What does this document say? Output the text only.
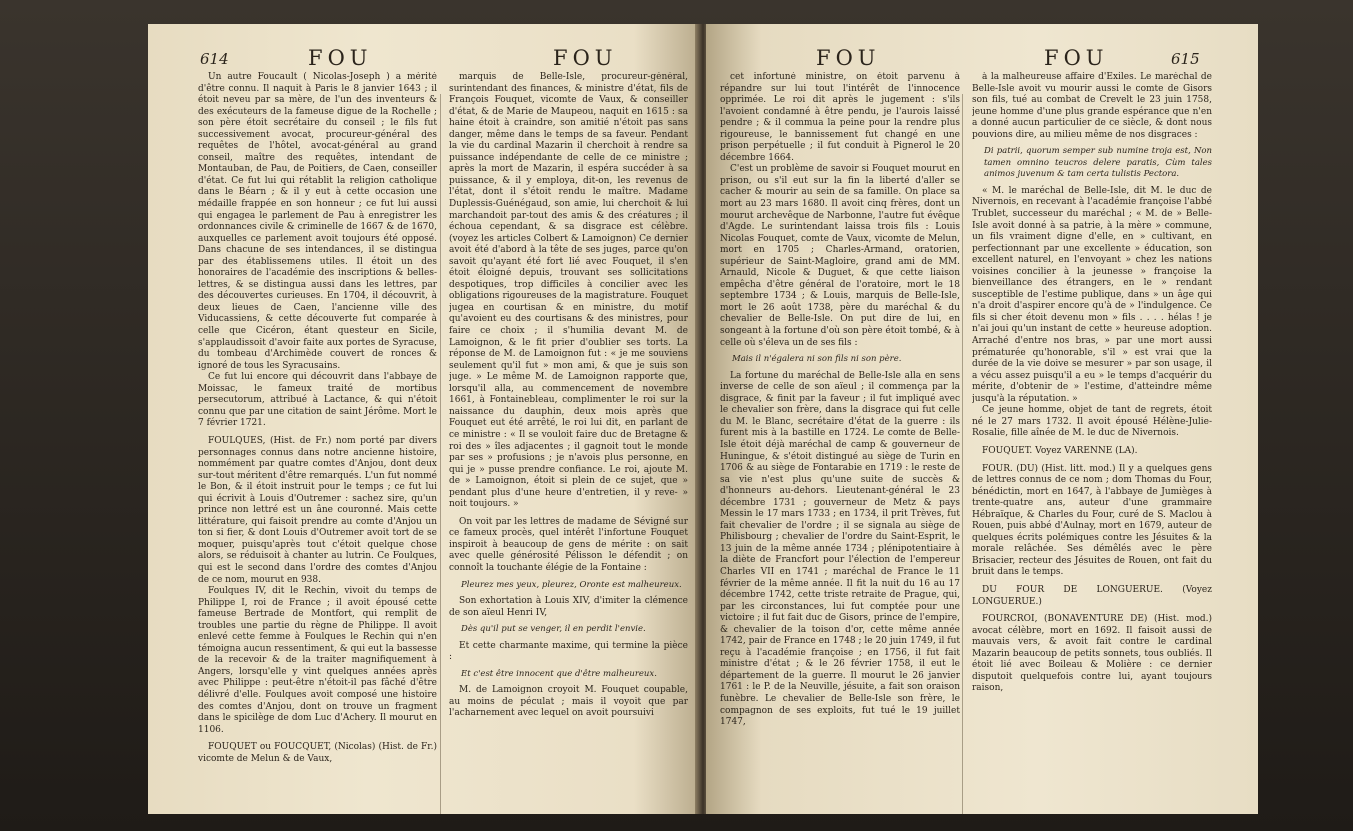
614	FOU	FOU

Un autre Foucault ( Nicolas-Joseph ) a mérité d'être connu. Il naquit à Paris le 8 janvier 1643 ; il étoit neveu par sa mère, de l'un des inventeurs & des exécuteurs de la fameuse digue de la Rochelle ; son père étoit secrétaire du conseil ; le fils fut successivement avocat, procureur-général des requêtes de l'hôtel, avocat-général au grand conseil, maître des requêtes, intendant de Montauban, de Pau, de Poitiers, de Caen, conseiller d'état. Ce fut lui qui rétablit la religion catholique dans le Béarn ; & il y eut à cette occasion une médaille frappée en son honneur ; ce fut lui aussi qui engagea le parlement de Pau à enregistrer les ordonnances civile & criminelle de 1667 & de 1670, auxquelles ce parlement avoit toujours été opposé. Dans chacune de ses intendances, il se distingua par des établissemens utiles. Il étoit un des honoraires de l'académie des inscriptions & belles-lettres, & se distingua aussi dans les lettres, par des découvertes curieuses. En 1704, il découvrit, à deux lieues de Caen, l'ancienne ville des Viducassiens, & cette découverte fut comparée à celle que Cicéron, étant questeur en Sicile, s'applaudissoit d'avoir faite aux portes de Syracuse, du tombeau d'Archimède couvert de ronces & ignoré de tous les Syracusains.

Ce fut lui encore qui découvrit dans l'abbaye de Moissac, le fameux traité de mortibus persecutorum, attribué à Lactance, & qui n'étoit connu que par une citation de saint Jérôme. Mort le 7 février 1721.

FOULQUES, (Hist. de Fr.) nom porté par divers personnages connus dans notre ancienne histoire, nommément par quatre comtes d'Anjou, dont deux sur-tout méritent d'être remarqués. L'un fut nommé le Bon, & il étoit instruit pour le temps ; ce fut lui qui écrivit à Louis d'Outremer : sachez sire, qu'un prince non lettré est un âne couronné. Mais cette littérature, qui faisoit prendre au comte d'Anjou un ton si fier, & dont Louis d'Outremer avoit tort de se moquer, puisqu'après tout c'étoit quelque chose alors, se réduisoit à chanter au lutrin. Ce Foulques, qui est le second dans l'ordre des comtes d'Anjou de ce nom, mourut en 938.

Foulques IV, dit le Rechin, vivoit du temps de Philippe I, roi de France ; il avoit épousé cette fameuse Bertrade de Montfort, qui remplit de troubles une partie du règne de Philippe. Il avoit enlevé cette femme à Foulques le Rechin qui n'en témoigna aucun ressentiment, & qui eut la bassesse de la recevoir & de la traiter magnifiquement à Angers, lorsqu'elle y vint quelques années après avec Philippe : peut-être n'étoit-il pas fâché d'être délivré d'elle. Foulques avoit composé une histoire des comtes d'Anjou, dont on trouve un fragment dans le spicilège de dom Luc d'Achery. Il mourut en 1106.

FOUQUET ou FOUCQUET, (Nicolas) (Hist. de Fr.) vicomte de Melun & de Vaux,

marquis de Belle-Isle, procureur-général, surintendant des finances, & ministre d'état, fils de François Fouquet, vicomte de Vaux, & conseiller d'état, & de Marie de Maupeou, naquit en 1615 : sa haine étoit à craindre, son amitié n'étoit pas sans danger, même dans le temps de sa faveur. Pendant la vie du cardinal Mazarin il cherchoit à rendre sa puissance indépendante de celle de ce ministre ; après la mort de Mazarin, il espéra succéder à sa puissance, & il y employa, dit-on, les revenus de l'état, dont il s'étoit rendu le maître. Madame Duplessis-Guénégaud, son amie, lui cherchoit & lui marchandoit par-tout des amis & des créatures ; il échoua cependant, & sa disgrace est célèbre. (voyez les articles Colbert & Lamoignon) Ce dernier avoit été d'abord à la tête de ses juges, parce qu'on savoit qu'ayant été fort lié avec Fouquet, il s'en étoit éloigné depuis, trouvant ses sollicitations despotiques, trop difficiles à concilier avec les obligations rigoureuses de la magistrature. Fouquet jugea en courtisan & en ministre, du motif qu'avoient eu des courtisans & des ministres, pour faire ce choix ; il s'humilia devant M. de Lamoignon, & le fit prier d'oublier ses torts. La réponse de M. de Lamoignon fut : « je me souviens seulement qu'il fut » mon ami, & que je suis son juge. » Le même M. de Lamoignon rapporte que, lorsqu'il alla, au commencement de novembre 1661, à Fontainebleau, complimenter le roi sur la naissance du dauphin, deux mois après que Fouquet eut été arrêté, le roi lui dit, en parlant de ce ministre : « Il se vouloit faire duc de Bretagne & roi des » îles adjacentes ; il gagnoit tout le monde par ses » profusions ; je n'avois plus personne, en qui je » pusse prendre confiance. Le roi, ajoute M. de » Lamoignon, étoit si plein de ce sujet, que » pendant plus d'une heure d'entretien, il y reve- » noit toujours. »

On voit par les lettres de madame de Sévigné sur ce fameux procès, quel intérêt l'infortune Fouquet inspiroit à beaucoup de gens de mérite : on sait avec quelle générosité Pélisson le défendit ; on connoît la touchante élégie de la Fontaine :

Pleurez mes yeux, pleurez, Oronte est malheureux.

Son exhortation à Louis XIV, d'imiter la clémence de son aïeul Henri IV,

Dès qu'il put se venger, il en perdit l'envie.

Et cette charmante maxime, qui termine la pièce :

Et c'est être innocent que d'être malheureux.

M. de Lamoignon croyoit M. Fouquet coupable, au moins de péculat ; mais il voyoit que par l'acharnement avec lequel on avoit poursuivi

FOU	FOU	615

cet infortuné ministre, on étoit parvenu à répandre sur lui tout l'intérêt de l'innocence opprimée. Le roi dit après le jugement : s'ils l'avoient condamné à être pendu, je l'aurois laissé pendre ; & il commua la peine pour la rendre plus rigoureuse, le bannissement fut changé en une prison perpétuelle ; il fut conduit à Pignerol le 20 décembre 1664.

C'est un problème de savoir si Fouquet mourut en prison, ou s'il eut sur la fin la liberté d'aller se cacher & mourir au sein de sa famille. On place sa mort au 23 mars 1680. Il avoit cinq frères, dont un mourut archevêque de Narbonne, l'autre fut évêque d'Agde. Le surintendant laissa trois fils : Louis Nicolas Fouquet, comte de Vaux, vicomte de Melun, mort en 1705 ; Charles-Armand, oratorien, supérieur de Saint-Magloire, grand ami de MM. Arnauld, Nicole & Duguet, & que cette liaison empêcha d'être général de l'oratoire, mort le 18 septembre 1734 ; & Louis, marquis de Belle-Isle, mort le 26 août 1738, père du maréchal & du chevalier de Belle-Isle. On put dire de lui, en songeant à la fortune d'où son père étoit tombé, & à celle où s'éleva un de ses fils :

Mais il n'égalera ni son fils ni son père.

La fortune du maréchal de Belle-Isle alla en sens inverse de celle de son aïeul ; il commença par la disgrace, & finit par la faveur ; il fut impliqué avec le chevalier son frère, dans la disgrace qui fut celle du M. le Blanc, secrétaire d'état de la guerre : ils furent mis à la bastille en 1724. Le comte de Belle-Isle étoit déjà maréchal de camp & gouverneur de Huningue, & s'étoit distingué au siège de Turin en 1706 & au siège de Fontarabie en 1719 : le reste de sa vie n'est plus qu'une suite de succès & d'honneurs au-dehors. Lieutenant-général le 23 décembre 1731 ; gouverneur de Metz & pays Messin le 17 mars 1733 ; en 1734, il prit Trèves, fut fait chevalier de l'ordre ; il se signala au siège de Philisbourg ; chevalier de l'ordre du Saint-Esprit, le 13 juin de la même année 1734 ; plénipotentiaire à la diète de Francfort pour l'élection de l'empereur Charles VII en 1741 ; maréchal de France le 11 février de la même année. Il fit la nuit du 16 au 17 décembre 1742, cette triste retraite de Prague, qui, par les circonstances, lui fut comptée pour une victoire ; il fut fait duc de Gisors, prince de l'empire, & chevalier de la toison d'or, cette même année 1742, pair de France en 1748 ; le 20 juin 1749, il fut reçu à l'académie françoise ; en 1756, il fut fait ministre d'état ; & le 26 février 1758, il eut le département de la guerre. Il mourut le 26 janvier 1761 : le P. de la Neuville, jésuite, a fait son oraison funèbre. Le chevalier de Belle-Isle son frère, le compagnon de ses exploits, fut tué le 19 juillet 1747,

à la malheureuse affaire d'Exiles. Le maréchal de Belle-Isle avoit vu mourir aussi le comte de Gisors son fils, tué au combat de Crevelt le 23 juin 1758, jeune homme d'une plus grande espérance que n'en a donné aucun particulier de ce siècle, & dont nous pouvions dire, au milieu même de nos disgraces :

Di patrii, quorum semper sub numine troja est, Non tamen omnino teucros delere paratis, Cùm tales animos juvenum & tam certa tulistis Pectora.

« M. le maréchal de Belle-Isle, dit M. le duc de Nivernois, en recevant à l'académie françoise l'abbé Trublet, successeur du maréchal ; « M. de » Belle-Isle avoit donné à sa patrie, à la mère » commune, un fils vraiment digne d'elle, en » cultivant, en perfectionnant par une excellente » éducation, son excellent naturel, en l'envoyant » chez les nations voisines concilier à la jeunesse » françoise la bienveillance des étrangers, en le » rendant susceptible de l'estime publique, dans » un âge qui n'a droit d'aspirer encore qu'à de » l'indulgence. Ce fils si cher étoit devenu mon » fils . . . . hélas ! je n'ai joui qu'un instant de cette » heureuse adoption. Arraché d'entre nos bras, » par une mort aussi prématurée qu'honorable, s'il » est vrai que la durée de la vie doive se mesurer » par son usage, il a vécu assez puisqu'il a eu » le temps d'acquérir du mérite, d'obtenir de » l'estime, d'atteindre même jusqu'à la réputation. »

Ce jeune homme, objet de tant de regrets, étoit né le 27 mars 1732. Il avoit épousé Hélène-Julie-Rosalie, fille aînée de M. le duc de Nivernois.

FOUQUET. Voyez VARENNE (LA).

FOUR. (DU) (Hist. litt. mod.) Il y a quelques gens de lettres connus de ce nom ; dom Thomas du Four, bénédictin, mort en 1647, à l'abbaye de Jumièges à trente-quatre ans, auteur d'une grammaire Hébraïque, & Charles du Four, curé de S. Maclou à Rouen, puis abbé d'Aulnay, mort en 1679, auteur de quelques écrits polémiques contre les Jésuites & la morale relâchée. Ses démêlés avec le père Brisacier, recteur des Jésuites de Rouen, ont fait du bruit dans le temps.

DU FOUR DE LONGUERUE. (Voyez LONGUERUE.)

FOURCROI, (BONAVENTURE DE) (Hist. mod.) avocat célèbre, mort en 1692. Il faisoit aussi de mauvais vers, & avoit fait contre le cardinal Mazarin beaucoup de petits sonnets, tous oubliés. Il étoit lié avec Boileau & Molière : ce dernier disputoit quelquefois contre lui, ayant toujours raison,
